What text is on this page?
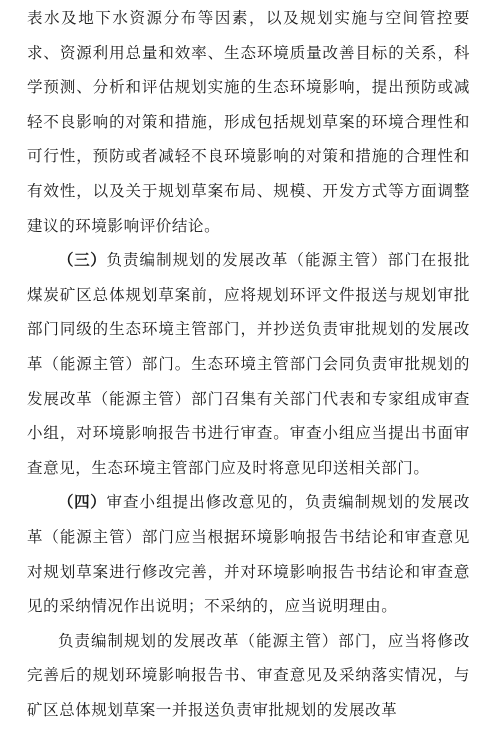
表水及地下水资源分布等因素，以及规划实施与空间管控要求、资源利用总量和效率、生态环境质量改善目标的关系，科学预测、分析和评估规划实施的生态环境影响，提出预防或减轻不良影响的对策和措施，形成包括规划草案的环境合理性和可行性，预防或者减轻不良环境影响的对策和措施的合理性和有效性，以及关于规划草案布局、规模、开发方式等方面调整建议的环境影响评价结论。

（三）负责编制规划的发展改革（能源主管）部门在报批煤炭矿区总体规划草案前，应将规划环评文件报送与规划审批部门同级的生态环境主管部门，并抄送负责审批规划的发展改革（能源主管）部门。生态环境主管部门会同负责审批规划的发展改革（能源主管）部门召集有关部门代表和专家组成审查小组，对环境影响报告书进行审查。审查小组应当提出书面审查意见，生态环境主管部门应及时将意见印送相关部门。

（四）审查小组提出修改意见的，负责编制规划的发展改革（能源主管）部门应当根据环境影响报告书结论和审查意见对规划草案进行修改完善，并对环境影响报告书结论和审查意见的采纳情况作出说明；不采纳的，应当说明理由。

负责编制规划的发展改革（能源主管）部门，应当将修改完善后的规划环境影响报告书、审查意见及采纳落实情况，与矿区总体规划草案一并报送负责审批规划的发展改革
